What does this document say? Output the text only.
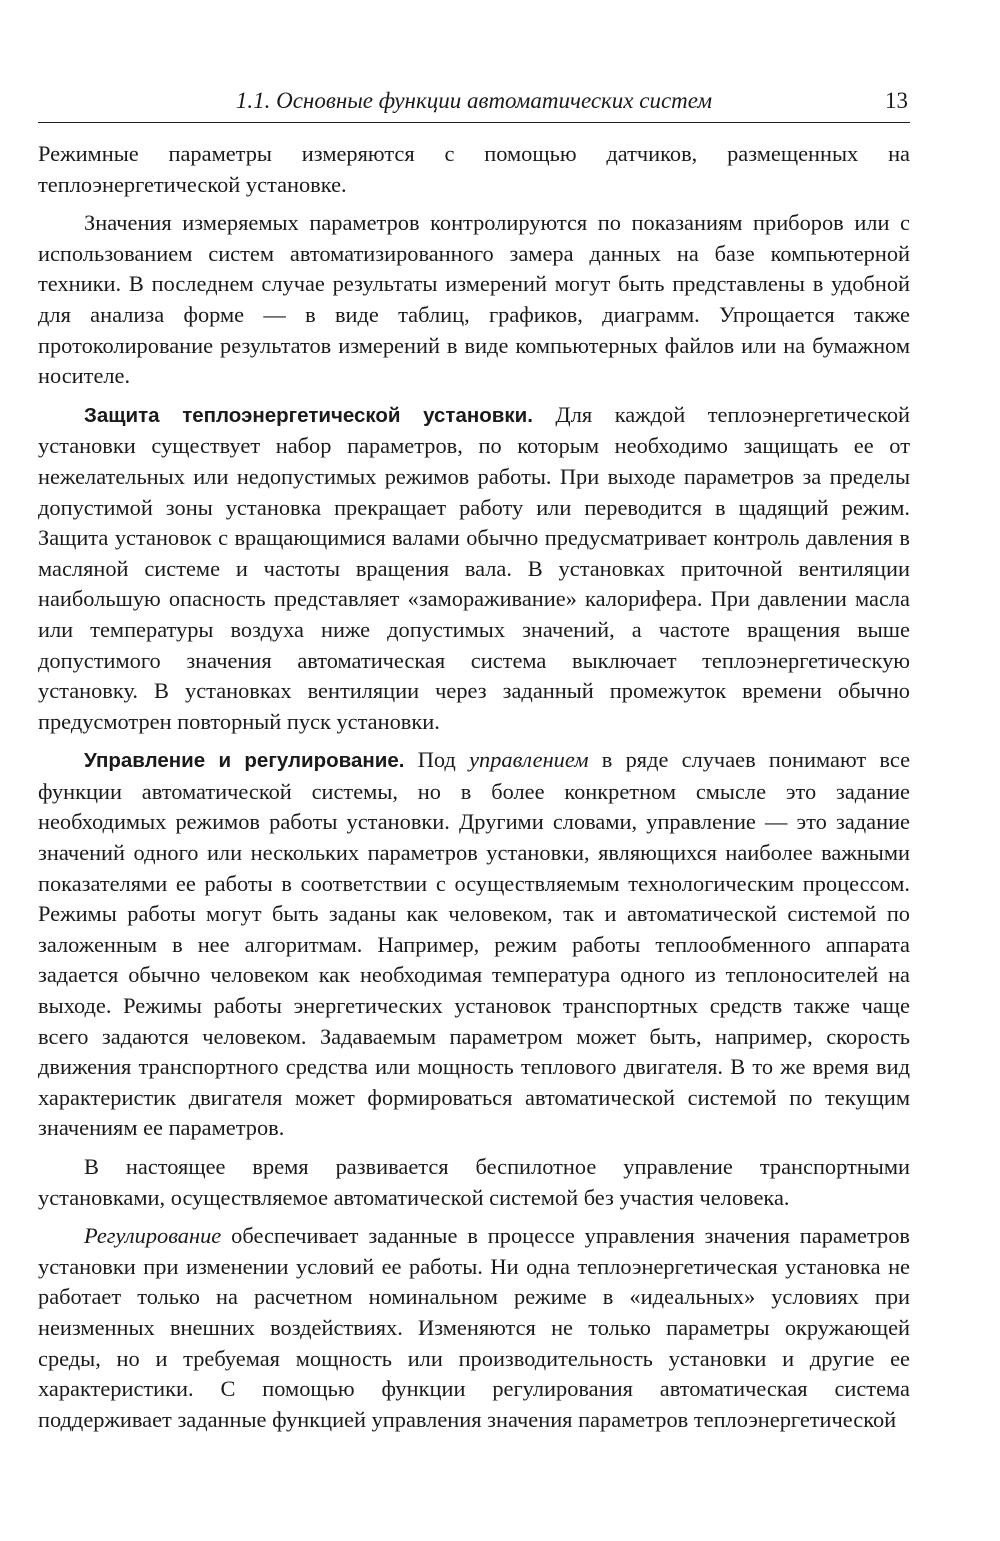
1.1. Основные функции автоматических систем	13

Режимные параметры измеряются с помощью датчиков, размещенных на теплоэнергетической установке.

Значения измеряемых параметров контролируются по показаниям приборов или с использованием систем автоматизированного замера данных на базе компьютерной техники. В последнем случае результаты измерений могут быть представлены в удобной для анализа форме — в виде таблиц, графиков, диаграмм. Упрощается также протоколирование результатов измерений в виде компьютерных файлов или на бумажном носителе.

Защита теплоэнергетической установки. Для каждой теплоэнергетической установки существует набор параметров, по которым необходимо защищать ее от нежелательных или недопустимых режимов работы. При выходе параметров за пределы допустимой зоны установка прекращает работу или переводится в щадящий режим. Защита установок с вращающимися валами обычно предусматривает контроль давления в масляной системе и частоты вращения вала. В установках приточной вентиляции наибольшую опасность представляет «замораживание» калорифера. При давлении масла или температуры воздуха ниже допустимых значений, а частоте вращения выше допустимого значения автоматическая система выключает теплоэнергетическую установку. В установках вентиляции через заданный промежуток времени обычно предусмотрен повторный пуск установки.

Управление и регулирование. Под управлением в ряде случаев понимают все функции автоматической системы, но в более конкретном смысле это задание необходимых режимов работы установки. Другими словами, управление — это задание значений одного или нескольких параметров установки, являющихся наиболее важными показателями ее работы в соответствии с осуществляемым технологическим процессом. Режимы работы могут быть заданы как человеком, так и автоматической системой по заложенным в нее алгоритмам. Например, режим работы теплообменного аппарата задается обычно человеком как необходимая температура одного из теплоносителей на выходе. Режимы работы энергетических установок транспортных средств также чаще всего задаются человеком. Задаваемым параметром может быть, например, скорость движения транспортного средства или мощность теплового двигателя. В то же время вид характеристик двигателя может формироваться автоматической системой по текущим значениям ее параметров.

В настоящее время развивается беспилотное управление транспортными установками, осуществляемое автоматической системой без участия человека.

Регулирование обеспечивает заданные в процессе управления значения параметров установки при изменении условий ее работы. Ни одна теплоэнергетическая установка не работает только на расчетном номинальном режиме в «идеальных» условиях при неизменных внешних воздействиях. Изменяются не только параметры окружающей среды, но и требуемая мощность или производительность установки и другие ее характеристики. С помощью функции регулирования автоматическая система поддерживает заданные функцией управления значения параметров теплоэнергетической
